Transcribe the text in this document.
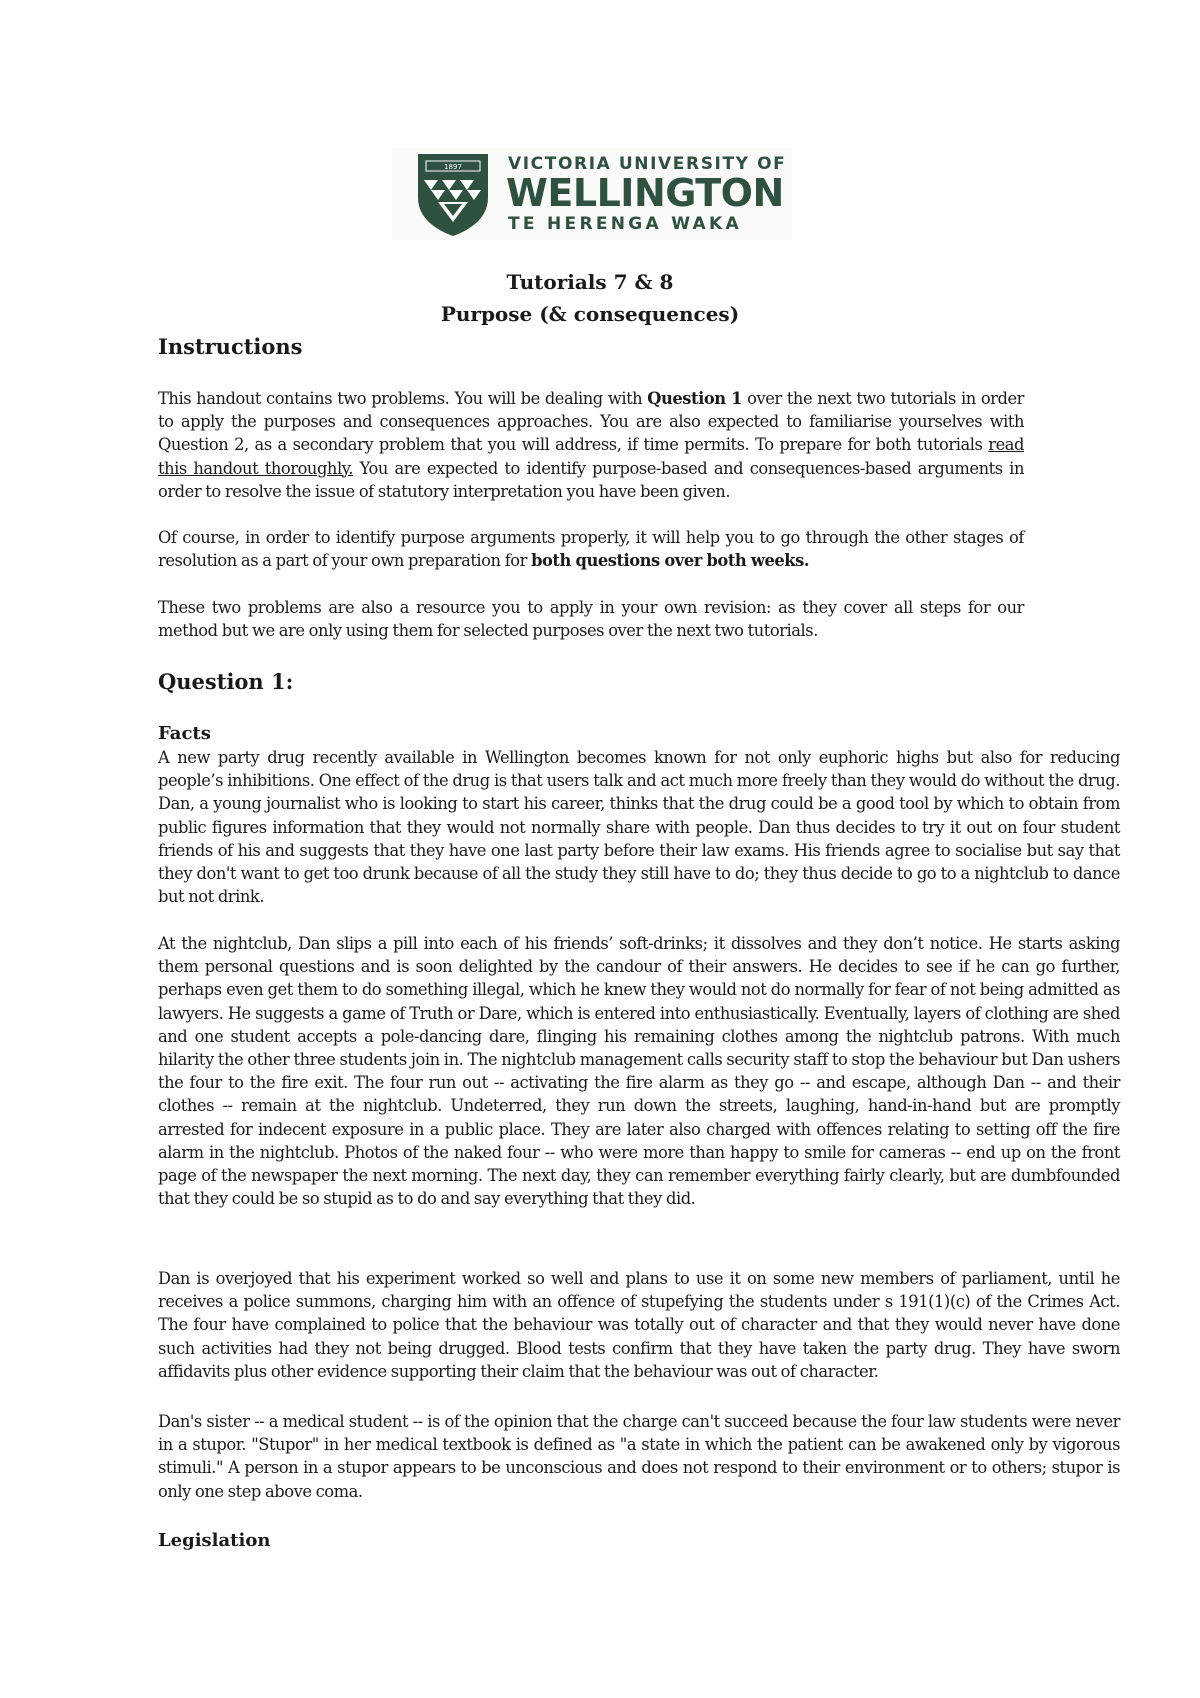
1897	VICTORIA UNIVERSITY OF
WELLINGTON
TE HERENGA WAKA
Tutorials 7 & 8
Purpose (& consequences)
Instructions
This handout contains two problems. You will be dealing with Question 1 over the next two tutorials in order to apply the purposes and consequences approaches. You are also expected to familiarise yourselves with Question 2, as a secondary problem that you will address, if time permits. To prepare for both tutorials read this handout thoroughly. You are expected to identify purpose-based and consequences-based arguments in order to resolve the issue of statutory interpretation you have been given.
Of course, in order to identify purpose arguments properly, it will help you to go through the other stages of resolution as a part of your own preparation for both questions over both weeks.
These two problems are also a resource you to apply in your own revision: as they cover all steps for our method but we are only using them for selected purposes over the next two tutorials.
Question 1:
Facts
A new party drug recently available in Wellington becomes known for not only euphoric highs but also for reducing people’s inhibitions. One effect of the drug is that users talk and act much more freely than they would do without the drug. Dan, a young journalist who is looking to start his career, thinks that the drug could be a good tool by which to obtain from public figures information that they would not normally share with people. Dan thus decides to try it out on four student friends of his and suggests that they have one last party before their law exams. His friends agree to socialise but say that they don't want to get too drunk because of all the study they still have to do; they thus decide to go to a nightclub to dance but not drink.
At the nightclub, Dan slips a pill into each of his friends’ soft-drinks; it dissolves and they don’t notice. He starts asking them personal questions and is soon delighted by the candour of their answers. He decides to see if he can go further, perhaps even get them to do something illegal, which he knew they would not do normally for fear of not being admitted as lawyers. He suggests a game of Truth or Dare, which is entered into enthusiastically. Eventually, layers of clothing are shed and one student accepts a pole-dancing dare, flinging his remaining clothes among the nightclub patrons. With much hilarity the other three students join in. The nightclub management calls security staff to stop the behaviour but Dan ushers the four to the fire exit. The four run out -- activating the fire alarm as they go -- and escape, although Dan -- and their clothes -- remain at the nightclub. Undeterred, they run down the streets, laughing, hand-in-hand but are promptly arrested for indecent exposure in a public place. They are later also charged with offences relating to setting off the fire alarm in the nightclub. Photos of the naked four -- who were more than happy to smile for cameras -- end up on the front page of the newspaper the next morning. The next day, they can remember everything fairly clearly, but are dumbfounded that they could be so stupid as to do and say everything that they did.
Dan is overjoyed that his experiment worked so well and plans to use it on some new members of parliament, until he receives a police summons, charging him with an offence of stupefying the students under s 191(1)(c) of the Crimes Act. The four have complained to police that the behaviour was totally out of character and that they would never have done such activities had they not being drugged. Blood tests confirm that they have taken the party drug. They have sworn affidavits plus other evidence supporting their claim that the behaviour was out of character.
Dan's sister -- a medical student -- is of the opinion that the charge can't succeed because the four law students were never in a stupor. "Stupor" in her medical textbook is defined as "a state in which the patient can be awakened only by vigorous stimuli." A person in a stupor appears to be unconscious and does not respond to their environment or to others; stupor is only one step above coma.
Legislation
